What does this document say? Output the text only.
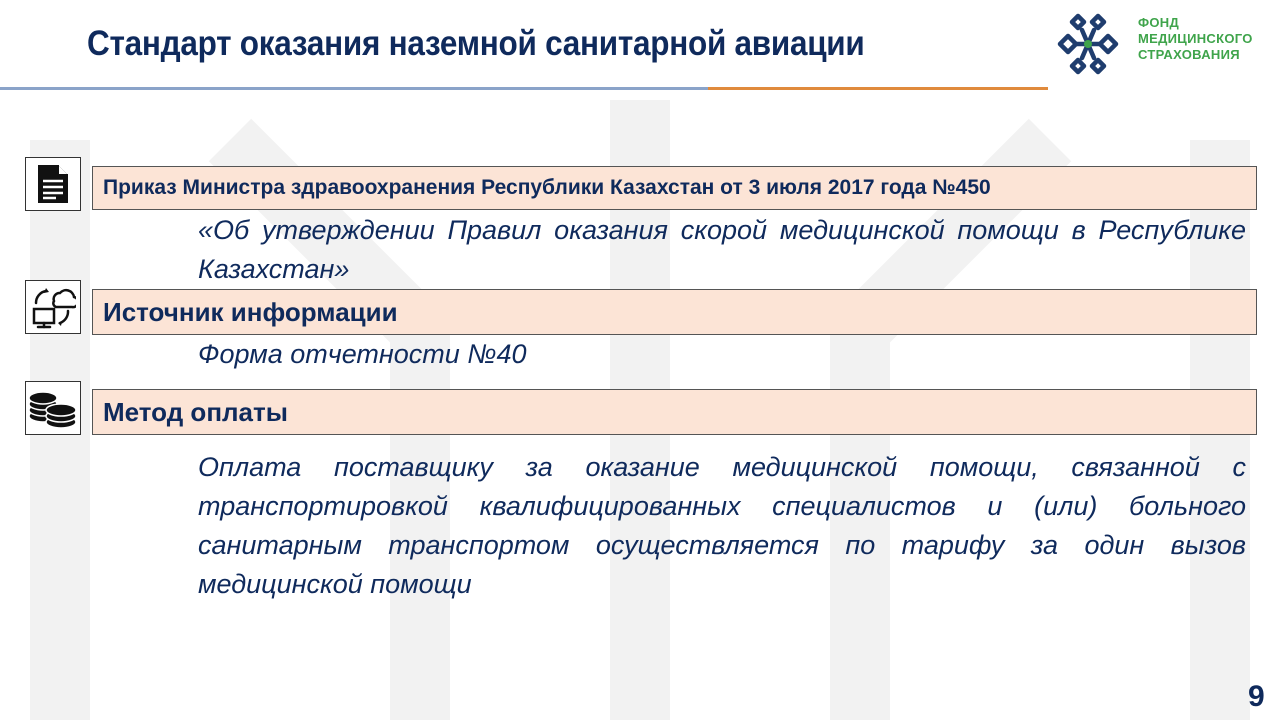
Стандарт оказания наземной санитарной авиации
ФОНД
МЕДИЦИНСКОГО
СТРАХОВАНИЯ
Приказ Министра здравоохранения Республики Казахстан от 3 июля 2017 года №450
«Об утверждении Правил оказания скорой медицинской помощи в Республике Казахстан»
Источник информации
Форма отчетности №40
Метод оплаты
Оплата поставщику за оказание медицинской помощи, связанной с транспортировкой квалифицированных специалистов и (или) больного санитарным транспортом осуществляется по тарифу за один вызов медицинской помощи
9
